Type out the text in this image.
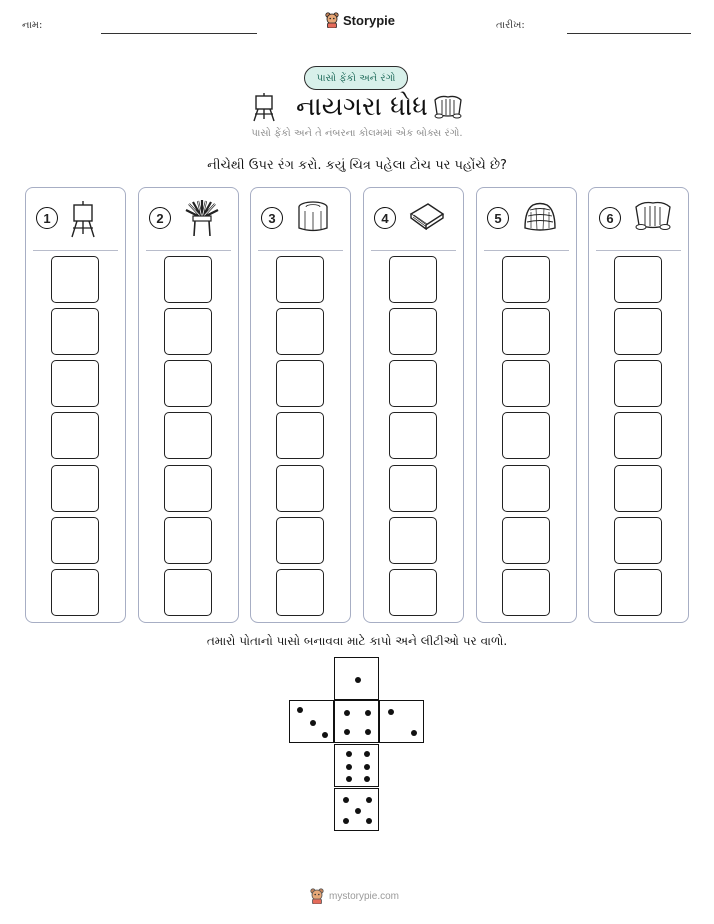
નામ:	Storypie	તારીખ:
પાસો ફેંકો અને રંગો
નાયગરા ધોધ
પાસો ફેંકો અને તે નંબરના કોલમમાં એક બોક્સ રંગો.
નીચેથી ઉપર રંગ કરો. કયું ચિત્ર પહેલા ટોચ પર પહોંચે છે?
1	2	3	4	5	6
તમારો પોતાનો પાસો બનાવવા માટે કાપો અને લીટીઓ પર વાળો.
mystorypie.com
